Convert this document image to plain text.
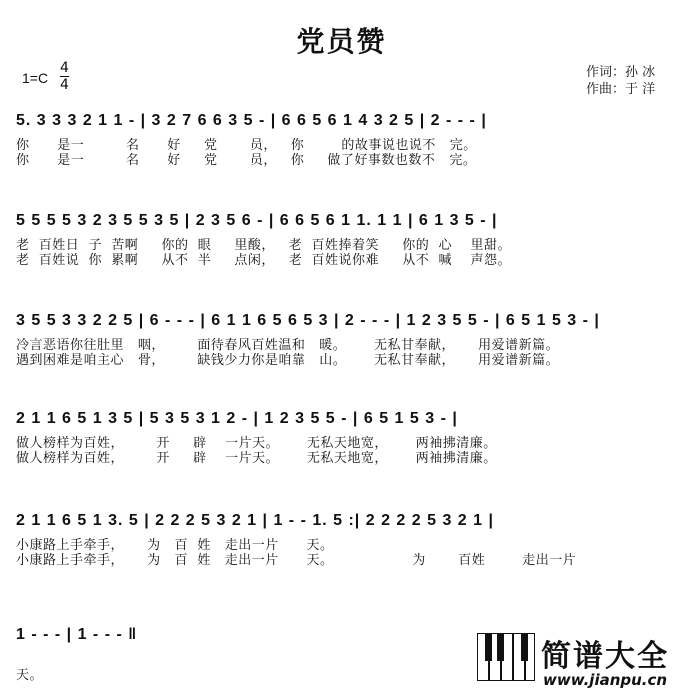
党员赞
1=C
4
4
作词：孙 冰
作曲：于 洋
5. 3 3 3 2 1 1 - | 3 2 7 6 6 3 5 - | 6 6 5 6 1 4 3 2 5 | 2 - - - |
你      是一         名      好     党       员，   你        的故事说也说不   完。
你      是一         名      好     党       员，   你     做了好事数也数不   完。
5 5 5 5 3 2 3 5 5 3 5 | 2 3 5 6 - | 6 6 5 6 1 1. 1 1 | 6 1 3 5 - |
老  百姓日  子  苦啊     你的  眼     里酸，   老  百姓捧着笑     你的  心    里甜。
老  百姓说  你  累啊     从不  半     点闲，   老  百姓说你难     从不  喊    声怨。
3 5 5 3 3 2 2 5 | 6 - - - | 6 1 1 6 5 6 5 3 | 2 - - - | 1 2 3 5 5 - | 6 5 1 5 3 - |
冷言恶语你往肚里   咽，       面待春风百姓温和   暖。      无私甘奉献，     用爱谱新篇。
遇到困难是咱主心   骨，       缺钱少力你是咱靠   山。      无私甘奉献，     用爱谱新篇。
2 1 1 6 5 1 3 5 | 5 3 5 3 1 2 - | 1 2 3 5 5 - | 6 5 1 5 3 - |
做人榜样为百姓，       开     辟    一片天。      无私天地宽，      两袖拂清廉。
做人榜样为百姓，       开     辟    一片天。      无私天地宽，      两袖拂清廉。
2 1 1 6 5 1 3. 5 | 2 2 2 5 3 2 1 | 1 - - 1. 5 :| 2 2 2 2 5 3 2 1 |
小康路上手牵手，     为   百  姓   走出一片      天。
小康路上手牵手，     为   百  姓   走出一片      天。                 为       百姓        走出一片
1 - - - | 1 - - - ‖
天。
简谱大全
www.jianpu.cn
